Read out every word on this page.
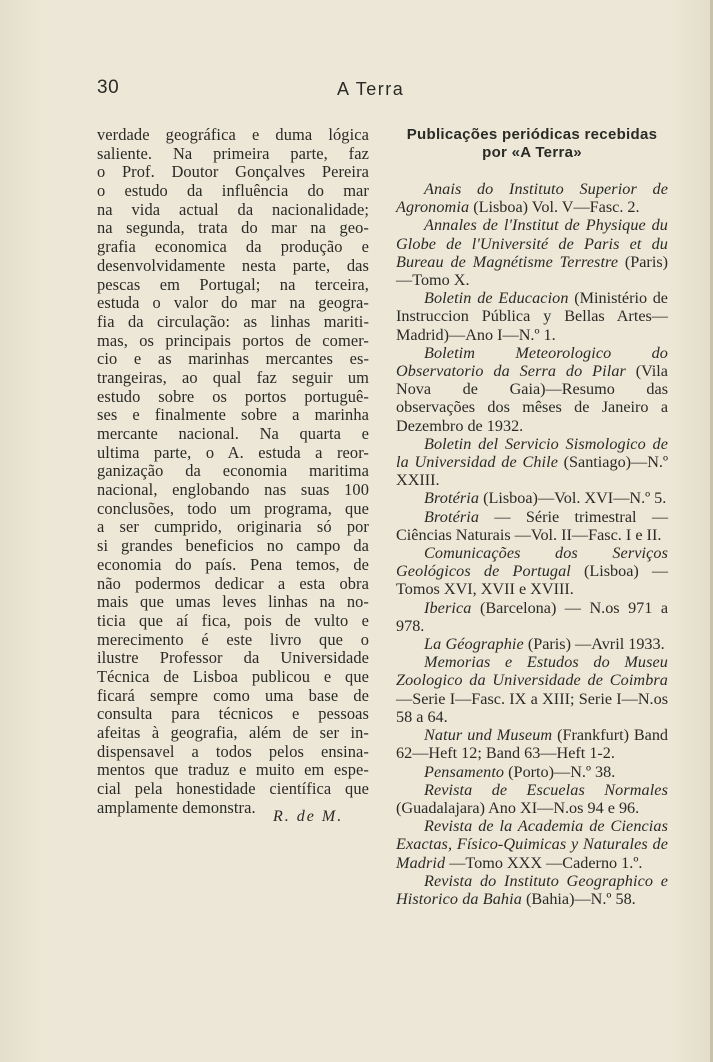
30	A Terra
verdade geográfica e duma lógica
saliente. Na primeira parte, faz
o Prof. Doutor Gonçalves Pereira
o estudo da influência do mar
na vida actual da nacionalidade;
na segunda, trata do mar na geo-
grafia economica da produção e
desenvolvidamente nesta parte, das
pescas em Portugal; na terceira,
estuda o valor do mar na geogra-
fia da circulação: as linhas mariti-
mas, os principais portos de comer-
cio e as marinhas mercantes es-
trangeiras, ao qual faz seguir um
estudo sobre os portos portuguê-
ses e finalmente sobre a marinha
mercante nacional. Na quarta e
ultima parte, o A. estuda a reor-
ganização da economia maritima
nacional, englobando nas suas 100
conclusões, todo um programa, que
a ser cumprido, originaria só por
si grandes beneficios no campo da
economia do país. Pena temos, de
não podermos dedicar a esta obra
mais que umas leves linhas na no-
ticia que aí fica, pois de vulto e
merecimento é este livro que o
ilustre Professor da Universidade
Técnica de Lisboa publicou e que
ficará sempre como uma base de
consulta para técnicos e pessoas
afeitas à geografia, além de ser in-
dispensavel a todos pelos ensina-
mentos que traduz e muito em espe-
cial pela honestidade científica que
amplamente demonstra.	R. de M.
Publicações periódicas recebidas
por «A Terra»
Anais do Instituto Superior de Agronomia (Lisboa) Vol. V—Fasc. 2.
Annales de l'Institut de Physique du Globe de l'Université de Paris et du Bureau de Magnétisme Terrestre (Paris)—Tomo X.
Boletin de Educacion (Ministério de Instruccion Pública y Bellas Artes—Madrid)—Ano I—N.º 1.
Boletim Meteorologico do Observatorio da Serra do Pilar (Vila Nova de Gaia)—Resumo das observações dos mêses de Janeiro a Dezembro de 1932.
Boletin del Servicio Sismologico de la Universidad de Chile (Santiago)—N.º XXIII.
Brotéria (Lisboa)—Vol. XVI—N.º 5.
Brotéria — Série trimestral — Ciências Naturais —Vol. II—Fasc. I e II.
Comunicações dos Serviços Geológicos de Portugal (Lisboa) — Tomos XVI, XVII e XVIII.
Iberica (Barcelona) — N.os 971 a 978.
La Géographie (Paris) —Avril 1933.
Memorias e Estudos do Museu Zoologico da Universidade de Coimbra —Serie I—Fasc. IX a XIII; Serie I—N.os 58 a 64.
Natur und Museum (Frankfurt) Band 62—Heft 12; Band 63—Heft 1-2.
Pensamento (Porto)—N.º 38.
Revista de Escuelas Normales (Guadalajara) Ano XI—N.os 94 e 96.
Revista de la Academia de Ciencias Exactas, Físico-Quimicas y Naturales de Madrid —Tomo XXX —Caderno 1.º.
Revista do Instituto Geographico e Historico da Bahia (Bahia)—N.º 58.
